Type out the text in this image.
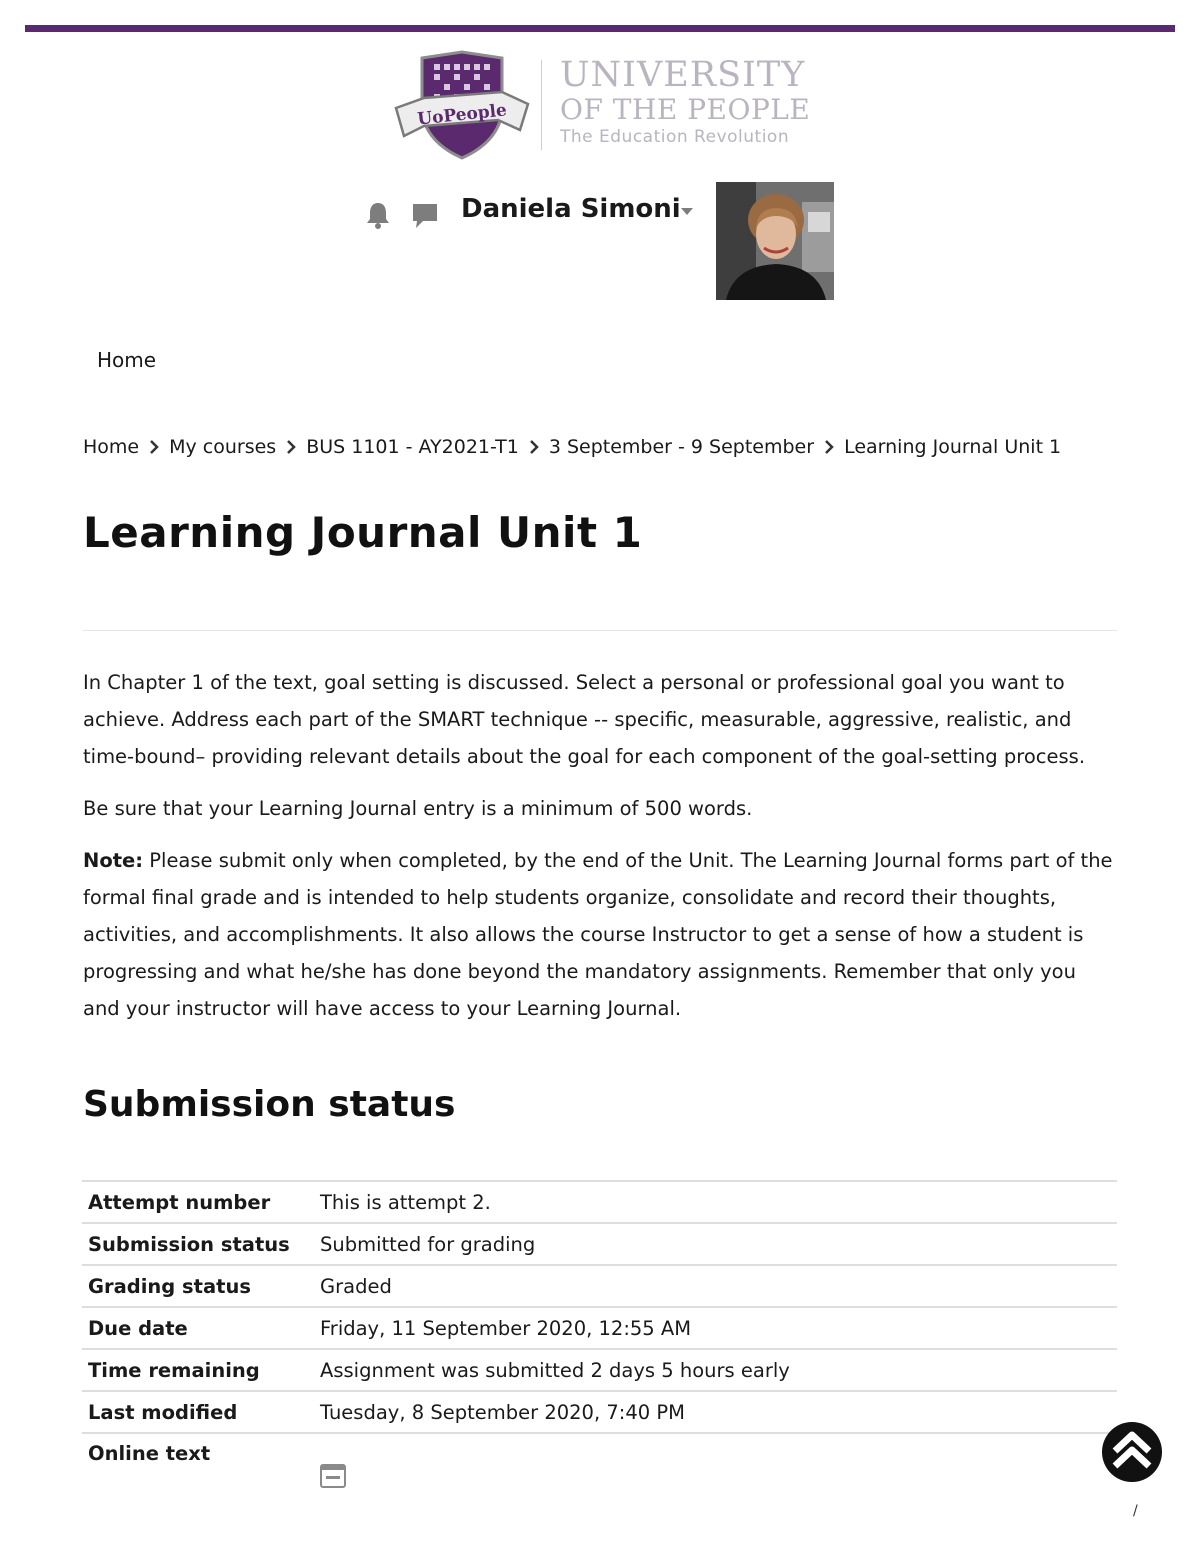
UoPeople
UNIVERSITY
OF THE PEOPLE
The Education Revolution
Daniela Simoni
Home
Home My courses BUS 1101 - AY2021-T1 3 September - 9 September Learning Journal Unit 1
Learning Journal Unit 1

In Chapter 1 of the text, goal setting is discussed. Select a personal or professional goal you want to achieve. Address each part of the SMART technique -- specific, measurable, aggressive, realistic, and time-bound– providing relevant details about the goal for each component of the goal-setting process.

Be sure that your Learning Journal entry is a minimum of 500 words.

Note: Please submit only when completed, by the end of the Unit. The Learning Journal forms part of the formal final grade and is intended to help students organize, consolidate and record their thoughts, activities, and accomplishments. It also allows the course Instructor to get a sense of how a student is progressing and what he/she has done beyond the mandatory assignments. Remember that only you and your instructor will have access to your Learning Journal.

Submission status
Attempt number	This is attempt 2.
Submission status	Submitted for grading
Grading status	Graded
Due date	Friday, 11 September 2020, 12:55 AM
Time remaining	Assignment was submitted 2 days 5 hours early
Last modified	Tuesday, 8 September 2020, 7:40 PM
Online text	
/
